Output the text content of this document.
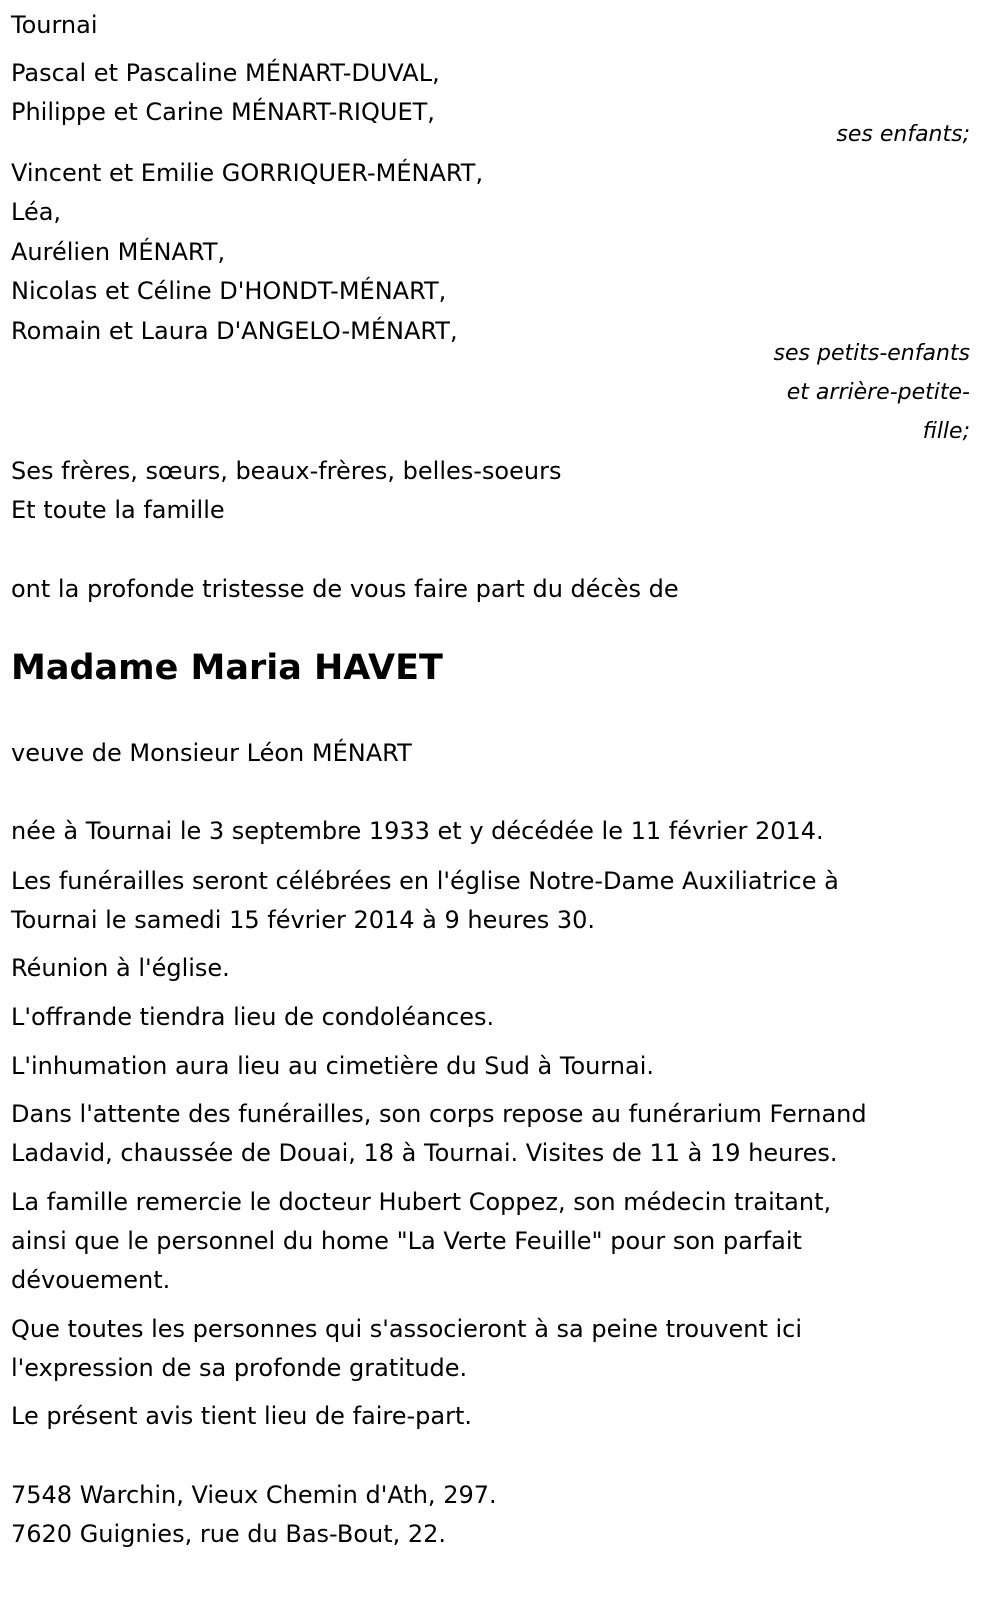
Tournai

Pascal et Pascaline MÉNART-DUVAL,

Philippe et Carine MÉNART-RIQUET,

ses enfants;

Vincent et Emilie GORRIQUER-MÉNART,

Léa,

Aurélien MÉNART,

Nicolas et Céline D'HONDT-MÉNART,

Romain et Laura D'ANGELO-MÉNART,

ses petits-enfants

et arrière-petite-

fille;

Ses frères, sœurs, beaux-frères, belles-soeurs

Et toute la famille

ont la profonde tristesse de vous faire part du décès de

Madame Maria HAVET

veuve de Monsieur Léon MÉNART

née à Tournai le 3 septembre 1933 et y décédée le 11 février 2014.

Les funérailles seront célébrées en l'église Notre-Dame Auxiliatrice à

Tournai le samedi 15 février 2014 à 9 heures 30.

Réunion à l'église.

L'offrande tiendra lieu de condoléances.

L'inhumation aura lieu au cimetière du Sud à Tournai.

Dans l'attente des funérailles, son corps repose au funérarium Fernand

Ladavid, chaussée de Douai, 18 à Tournai. Visites de 11 à 19 heures.

La famille remercie le docteur Hubert Coppez, son médecin traitant,

ainsi que le personnel du home "La Verte Feuille" pour son parfait

dévouement.

Que toutes les personnes qui s'associeront à sa peine trouvent ici

l'expression de sa profonde gratitude.

Le présent avis tient lieu de faire-part.

7548 Warchin, Vieux Chemin d'Ath, 297.

7620 Guignies, rue du Bas-Bout, 22.
